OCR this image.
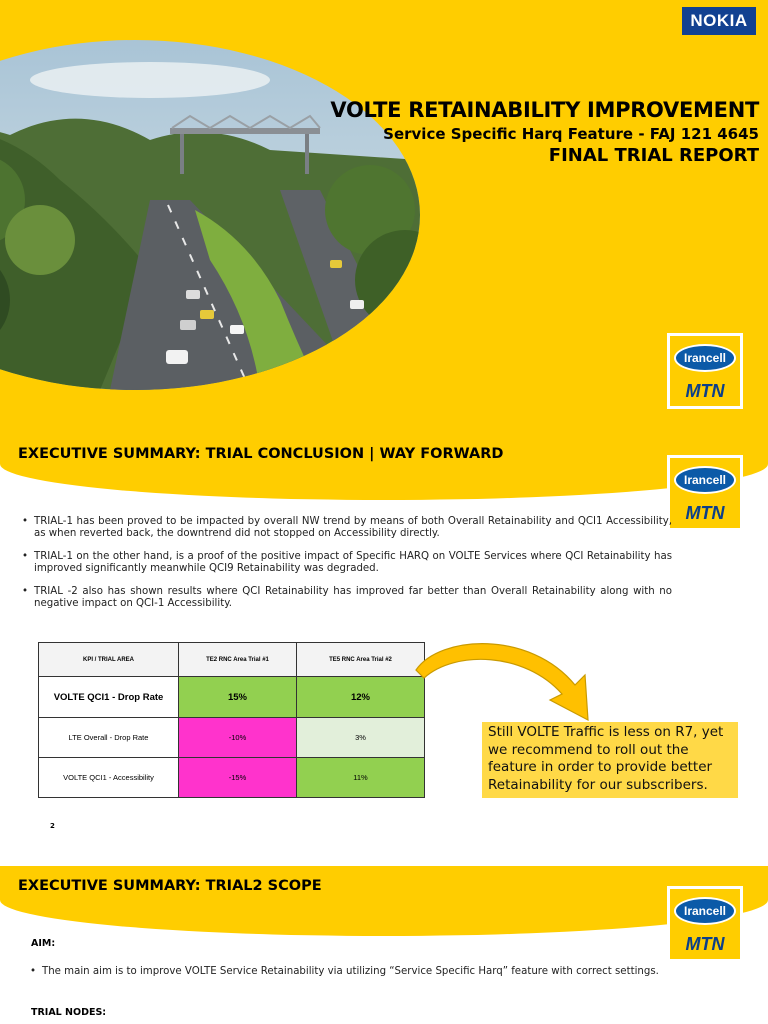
NOKIA
VOLTE RETAINABILITY IMPROVEMENT
Service Specific Harq Feature - FAJ 121 4645
FINAL TRIAL REPORT
Irancell
MTN
EXECUTIVE SUMMARY: TRIAL CONCLUSION | WAY FORWARD
Irancell
MTN
• TRIAL-1 has been proved to be impacted by overall NW trend by means of both Overall Retainability and QCI1 Accessibility, as when reverted back, the downtrend did not stopped on Accessibility directly.
• TRIAL-1 on the other hand, is a proof of the positive impact of Specific HARQ on VOLTE Services where QCI Retainability has improved significantly meanwhile QCI9 Retainability was degraded.
• TRIAL -2 also has shown results where QCI Retainability has improved far better than Overall Retainability along with no negative impact on QCI-1 Accessibility.
KPI / TRIAL AREA	TE2 RNC Area Trial #1	TE5 RNC Area Trial #2
VOLTE QCI1 - Drop Rate	15%	12%
LTE Overall - Drop Rate	-10%	3%
VOLTE QCI1 - Accessibility	-15%	11%
Still VOLTE Traffic is less on R7, yet we recommend to roll out the feature in order to provide better Retainability for our subscribers.
2
EXECUTIVE SUMMARY: TRIAL2 SCOPE
Irancell
MTN
AIM:
• The main aim is to improve VOLTE Service Retainability via utilizing “Service Specific Harq” feature with correct settings.
TRIAL NODES:
